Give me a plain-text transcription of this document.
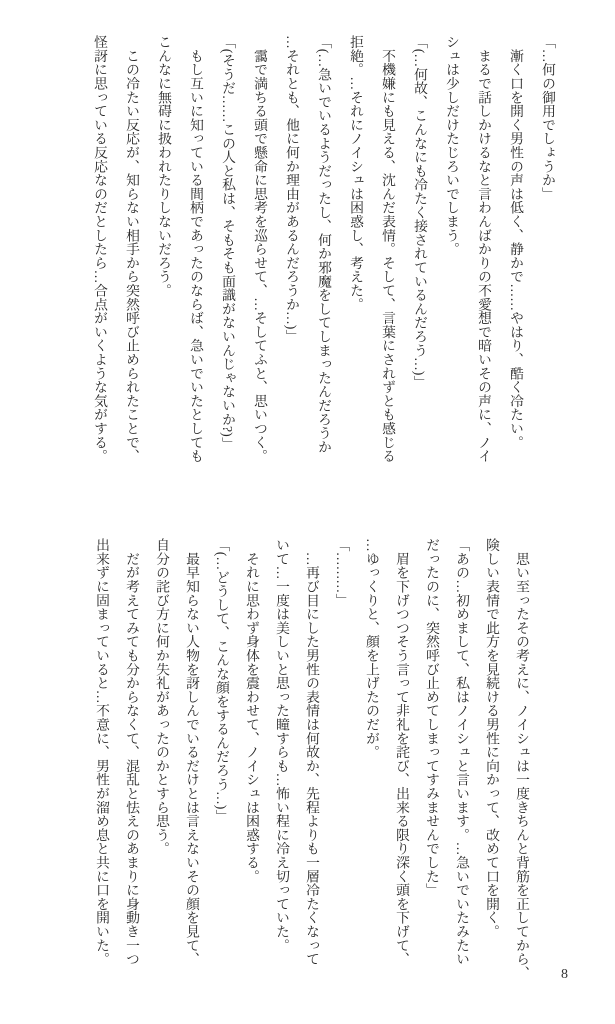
「…何の御用でしょうか」
　漸く口を開く男性の声は低く、静かで……やはり、酷く冷たい。
　まるで話しかけるなと言わんばかりの不愛想で暗いその声に、ノイ
シュは少しだけたじろいでしまう。
「(…何故、こんなにも冷たく接されているんだろう…)」
　不機嫌にも見える、沈んだ表情。そして、言葉にされずとも感じる
拒絶。…それにノイシュは困惑し、考えた。
「(…急いでいるようだったし、何か邪魔をしてしまったんだろうか
…それとも、他に何か理由があるんだろうか…)」
　靄で満ちる頭で懸命に思考を巡らせて、…そしてふと、思いつく。
「(そうだ……この人と私は、そもそも面識がないんじゃないか?)」
　もし互いに知っている間柄であったのならば、急いでいたとしても
こんなに無碍に扱われたりしないだろう。
　この冷たい反応が、知らない相手から突然呼び止められたことで、
怪訝に思っている反応なのだとしたら…合点がいくような気がする。
　思い至ったその考えに、ノイシュは一度きちんと背筋を正してから、
険しい表情で此方を見続ける男性に向かって、改めて口を開く。
「あの…初めまして、私はノイシュと言います。…急いでいたみたい
だったのに、突然呼び止めてしまってすみませんでした」
　眉を下げつつそう言って非礼を詫び、出来る限り深く頭を下げて、
…ゆっくりと、顔を上げたのだが。
「………」
　…再び目にした男性の表情は何故か、先程よりも一層冷たくなって
いて…一度は美しいと思った瞳すらも…怖い程に冷え切っていた。
　それに思わず身体を震わせて、ノイシュは困惑する。
「(…どうして、こんな顔をするんだろう…)」
　最早知らない人物を訝しんでいるだけとは言えないその顔を見て、
自分の詫び方に何か失礼があったのかとすら思う。
　だが考えてみても分からなくて、混乱と怯えのあまりに身動き一つ
出来ずに固まっていると…不意に、男性が溜め息と共に口を開いた。
8
